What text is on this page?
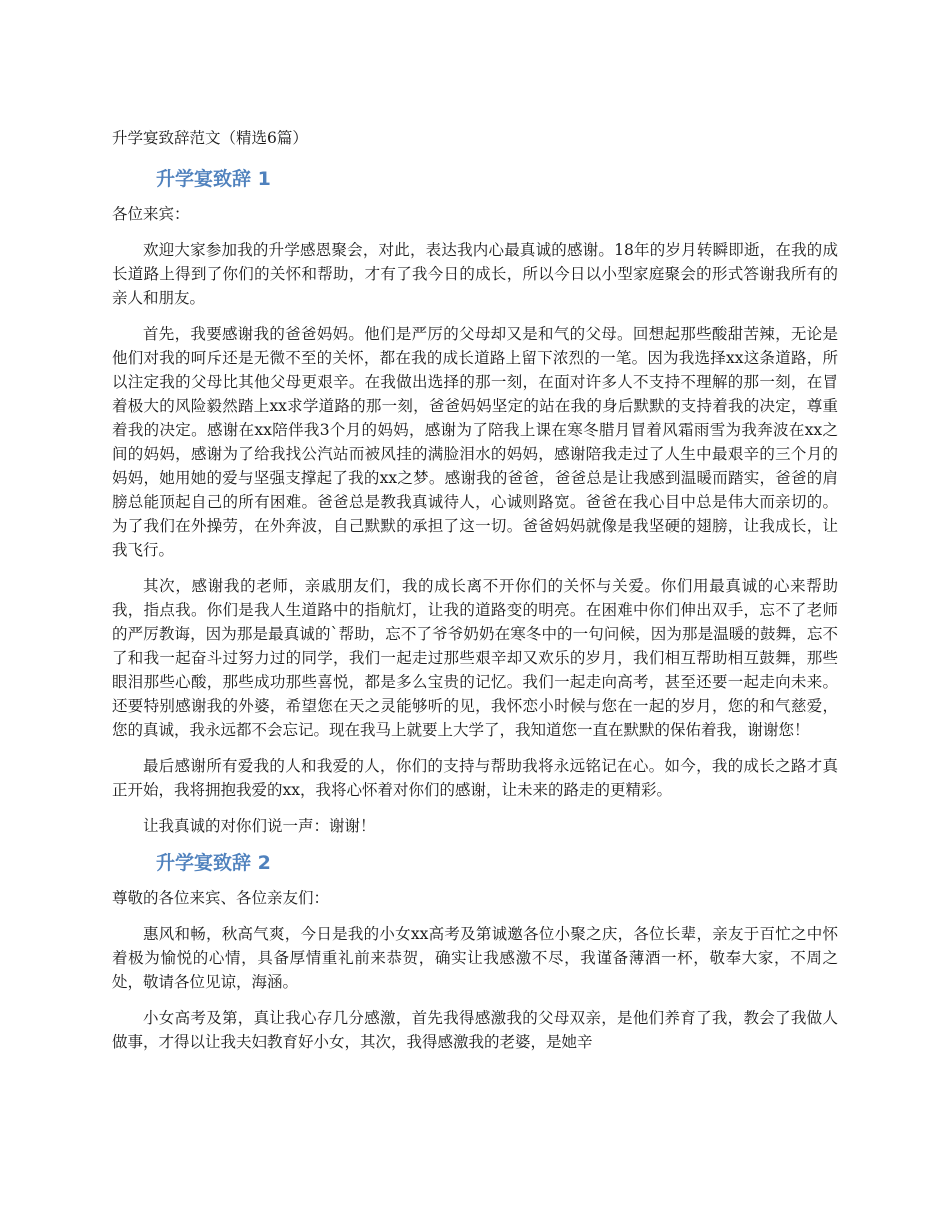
升学宴致辞范文（精选6篇）
升学宴致辞 1

各位来宾：

欢迎大家参加我的升学感恩聚会，对此，表达我内心最真诚的感谢。18年的岁月转瞬即逝，在我的成长道路上得到了你们的关怀和帮助，才有了我今日的成长，所以今日以小型家庭聚会的形式答谢我所有的亲人和朋友。

首先，我要感谢我的爸爸妈妈。他们是严厉的父母却又是和气的父母。回想起那些酸甜苦辣，无论是他们对我的呵斥还是无微不至的关怀，都在我的成长道路上留下浓烈的一笔。因为我选择xx这条道路，所以注定我的父母比其他父母更艰辛。在我做出选择的那一刻，在面对许多人不支持不理解的那一刻，在冒着极大的风险毅然踏上xx求学道路的那一刻，爸爸妈妈坚定的站在我的身后默默的支持着我的决定，尊重着我的决定。感谢在xx陪伴我3个月的妈妈，感谢为了陪我上课在寒冬腊月冒着风霜雨雪为我奔波在xx之间的妈妈，感谢为了给我找公汽站而被风挂的满脸泪水的妈妈，感谢陪我走过了人生中最艰辛的三个月的妈妈，她用她的爱与坚强支撑起了我的xx之梦。感谢我的爸爸，爸爸总是让我感到温暖而踏实，爸爸的肩膀总能顶起自己的所有困难。爸爸总是教我真诚待人，心诚则路宽。爸爸在我心目中总是伟大而亲切的。为了我们在外操劳，在外奔波，自己默默的承担了这一切。爸爸妈妈就像是我坚硬的翅膀，让我成长，让我飞行。

其次，感谢我的老师，亲戚朋友们，我的成长离不开你们的关怀与关爱。你们用最真诚的心来帮助我，指点我。你们是我人生道路中的指航灯，让我的道路变的明亮。在困难中你们伸出双手，忘不了老师的严厉教诲，因为那是最真诚的`帮助，忘不了爷爷奶奶在寒冬中的一句问候，因为那是温暖的鼓舞，忘不了和我一起奋斗过努力过的同学，我们一起走过那些艰辛却又欢乐的岁月，我们相互帮助相互鼓舞，那些眼泪那些心酸，那些成功那些喜悦，都是多么宝贵的记忆。我们一起走向高考，甚至还要一起走向未来。还要特别感谢我的外婆，希望您在天之灵能够听的见，我怀恋小时候与您在一起的岁月，您的和气慈爱，您的真诚，我永远都不会忘记。现在我马上就要上大学了，我知道您一直在默默的保佑着我，谢谢您！

最后感谢所有爱我的人和我爱的人，你们的支持与帮助我将永远铭记在心。如今，我的成长之路才真正开始，我将拥抱我爱的xx，我将心怀着对你们的感谢，让未来的路走的更精彩。

让我真诚的对你们说一声：谢谢！

升学宴致辞 2

尊敬的各位来宾、各位亲友们：

惠风和畅，秋高气爽，今日是我的小女xx高考及第诚邀各位小聚之庆，各位长辈，亲友于百忙之中怀着极为愉悦的心情，具备厚情重礼前来恭贺，确实让我感激不尽，我谨备薄酒一杯，敬奉大家，不周之处，敬请各位见谅，海涵。

小女高考及第，真让我心存几分感激，首先我得感激我的父母双亲，是他们养育了我，教会了我做人做事，才得以让我夫妇教育好小女，其次，我得感激我的老婆，是她辛
